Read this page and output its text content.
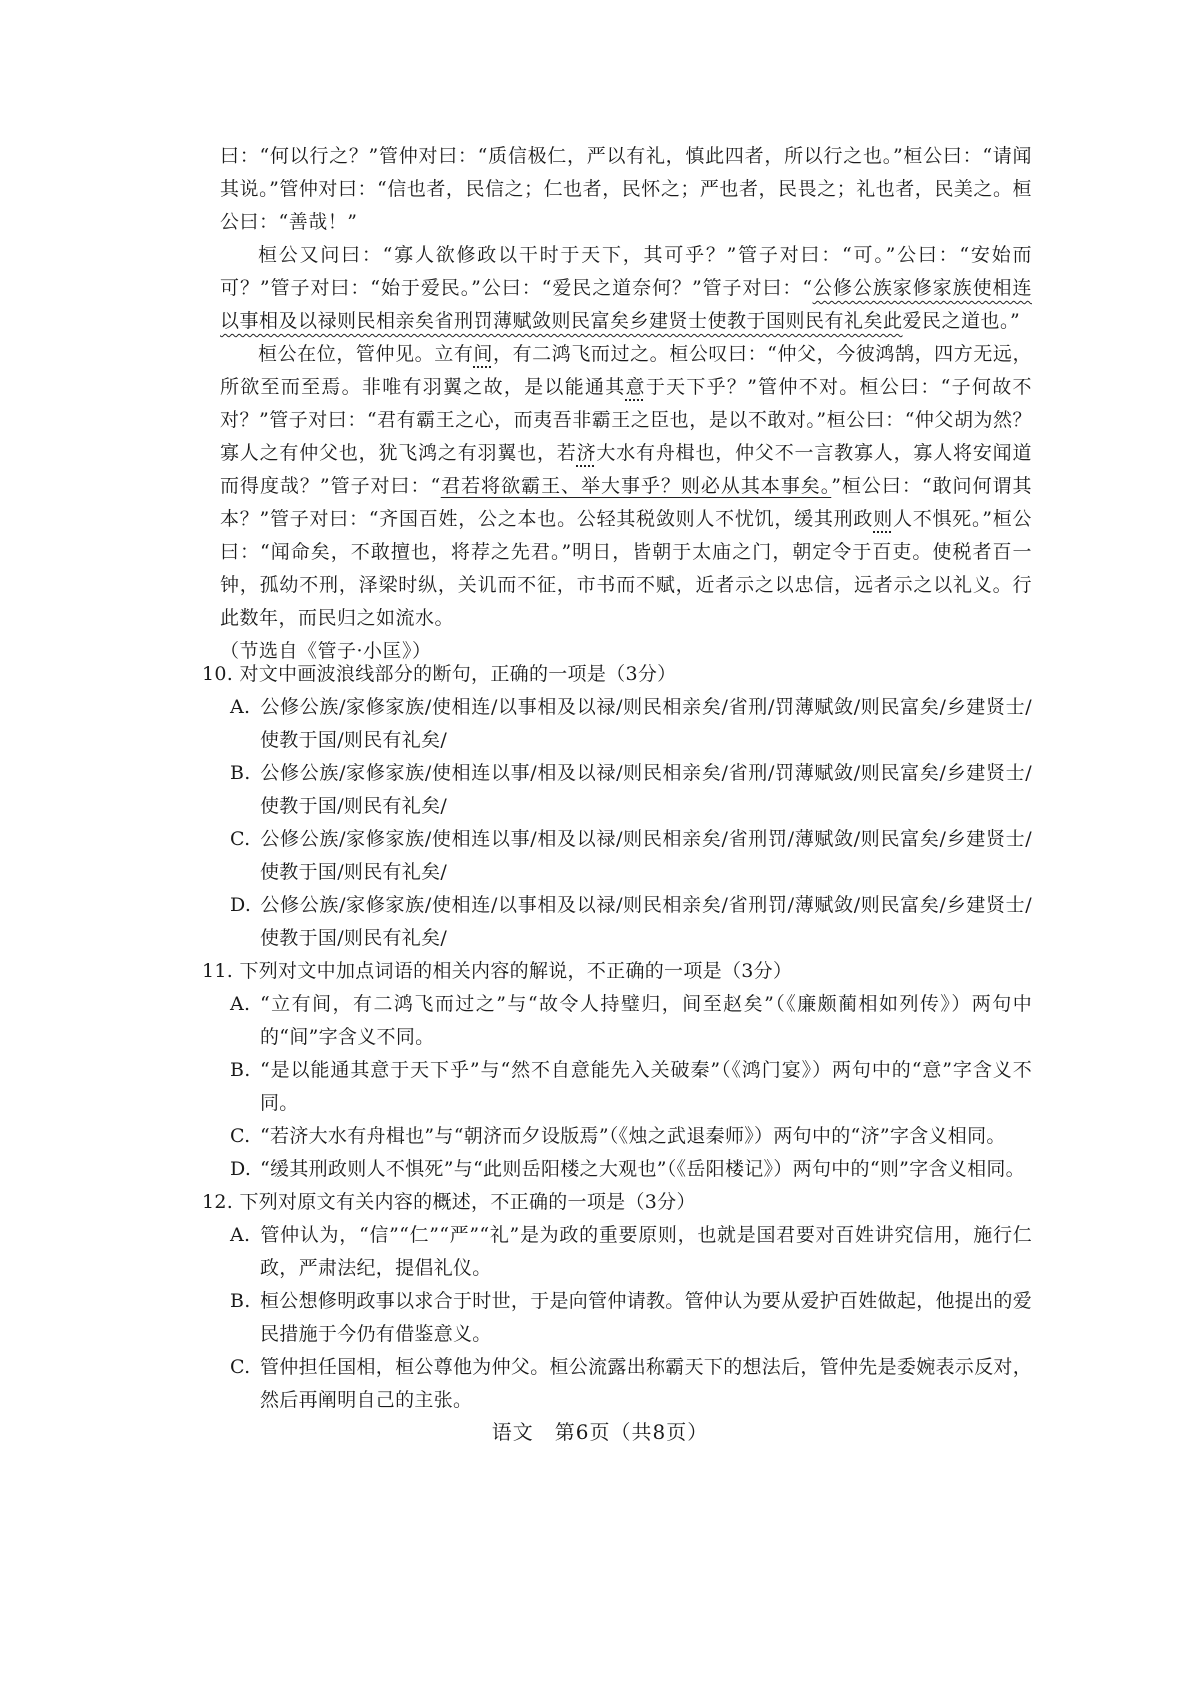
曰：“何以行之？”管仲对曰：“质信极仁，严以有礼，慎此四者，所以行之也。”桓公曰：“请闻其说。”管仲对曰：“信也者，民信之；仁也者，民怀之；严也者，民畏之；礼也者，民美之。桓公曰：“善哉！”

桓公又问曰：“寡人欲修政以干时于天下，其可乎？”管子对曰：“可。”公曰：“安始而可？”管子对曰：“始于爱民。”公曰：“爱民之道奈何？”管子对曰：“公修公族家修家族使相连以事相及以禄则民相亲矣省刑罚薄赋敛则民富矣乡建贤士使教于国则民有礼矣此爱民之道也。”

桓公在位，管仲见。立有间，有二鸿飞而过之。桓公叹曰：“仲父，今彼鸿鹄，四方无远，所欲至而至焉。非唯有羽翼之故，是以能通其意于天下乎？”管仲不对。桓公曰：“子何故不对？”管子对曰：“君有霸王之心，而夷吾非霸王之臣也，是以不敢对。”桓公曰：“仲父胡为然？寡人之有仲父也，犹飞鸿之有羽翼也，若济大水有舟楫也，仲父不一言教寡人，寡人将安闻道而得度哉？”管子对曰：“君若将欲霸王、举大事乎？则必从其本事矣。”桓公曰：“敢问何谓其本？”管子对曰：“齐国百姓，公之本也。公轻其税敛则人不忧饥，缓其刑政则人不惧死。”桓公曰：“闻命矣，不敢擅也，将荐之先君。”明日，皆朝于太庙之门，朝定令于百吏。使税者百一钟，孤幼不刑，泽梁时纵，关讥而不征，市书而不赋，近者示之以忠信，远者示之以礼义。行此数年，而民归之如流水。

（节选自《管子·小匡》）

10. 对文中画波浪线部分的断句，正确的一项是（3分）

A. 公修公族/家修家族/使相连/以事相及以禄/则民相亲矣/省刑/罚薄赋敛/则民富矣/乡建贤士/使教于国/则民有礼矣/

B. 公修公族/家修家族/使相连以事/相及以禄/则民相亲矣/省刑/罚薄赋敛/则民富矣/乡建贤士/使教于国/则民有礼矣/

C. 公修公族/家修家族/使相连以事/相及以禄/则民相亲矣/省刑罚/薄赋敛/则民富矣/乡建贤士/使教于国/则民有礼矣/

D. 公修公族/家修家族/使相连/以事相及以禄/则民相亲矣/省刑罚/薄赋敛/则民富矣/乡建贤士/使教于国/则民有礼矣/

11. 下列对文中加点词语的相关内容的解说，不正确的一项是（3分）

A. “立有间，有二鸿飞而过之”与“故令人持璧归，间至赵矣”（《廉颇蔺相如列传》）两句中的“间”字含义不同。

B. “是以能通其意于天下乎”与“然不自意能先入关破秦”（《鸿门宴》）两句中的“意”字含义不同。

C. “若济大水有舟楫也”与“朝济而夕设版焉”（《烛之武退秦师》）两句中的“济”字含义相同。

D. “缓其刑政则人不惧死”与“此则岳阳楼之大观也”（《岳阳楼记》）两句中的“则”字含义相同。

12. 下列对原文有关内容的概述，不正确的一项是（3分）

A. 管仲认为，“信”“仁”“严”“礼”是为政的重要原则，也就是国君要对百姓讲究信用，施行仁政，严肃法纪，提倡礼仪。

B. 桓公想修明政事以求合于时世，于是向管仲请教。管仲认为要从爱护百姓做起，他提出的爱民措施于今仍有借鉴意义。

C. 管仲担任国相，桓公尊他为仲父。桓公流露出称霸天下的想法后，管仲先是委婉表示反对，然后再阐明自己的主张。

语文　第6页（共8页）
